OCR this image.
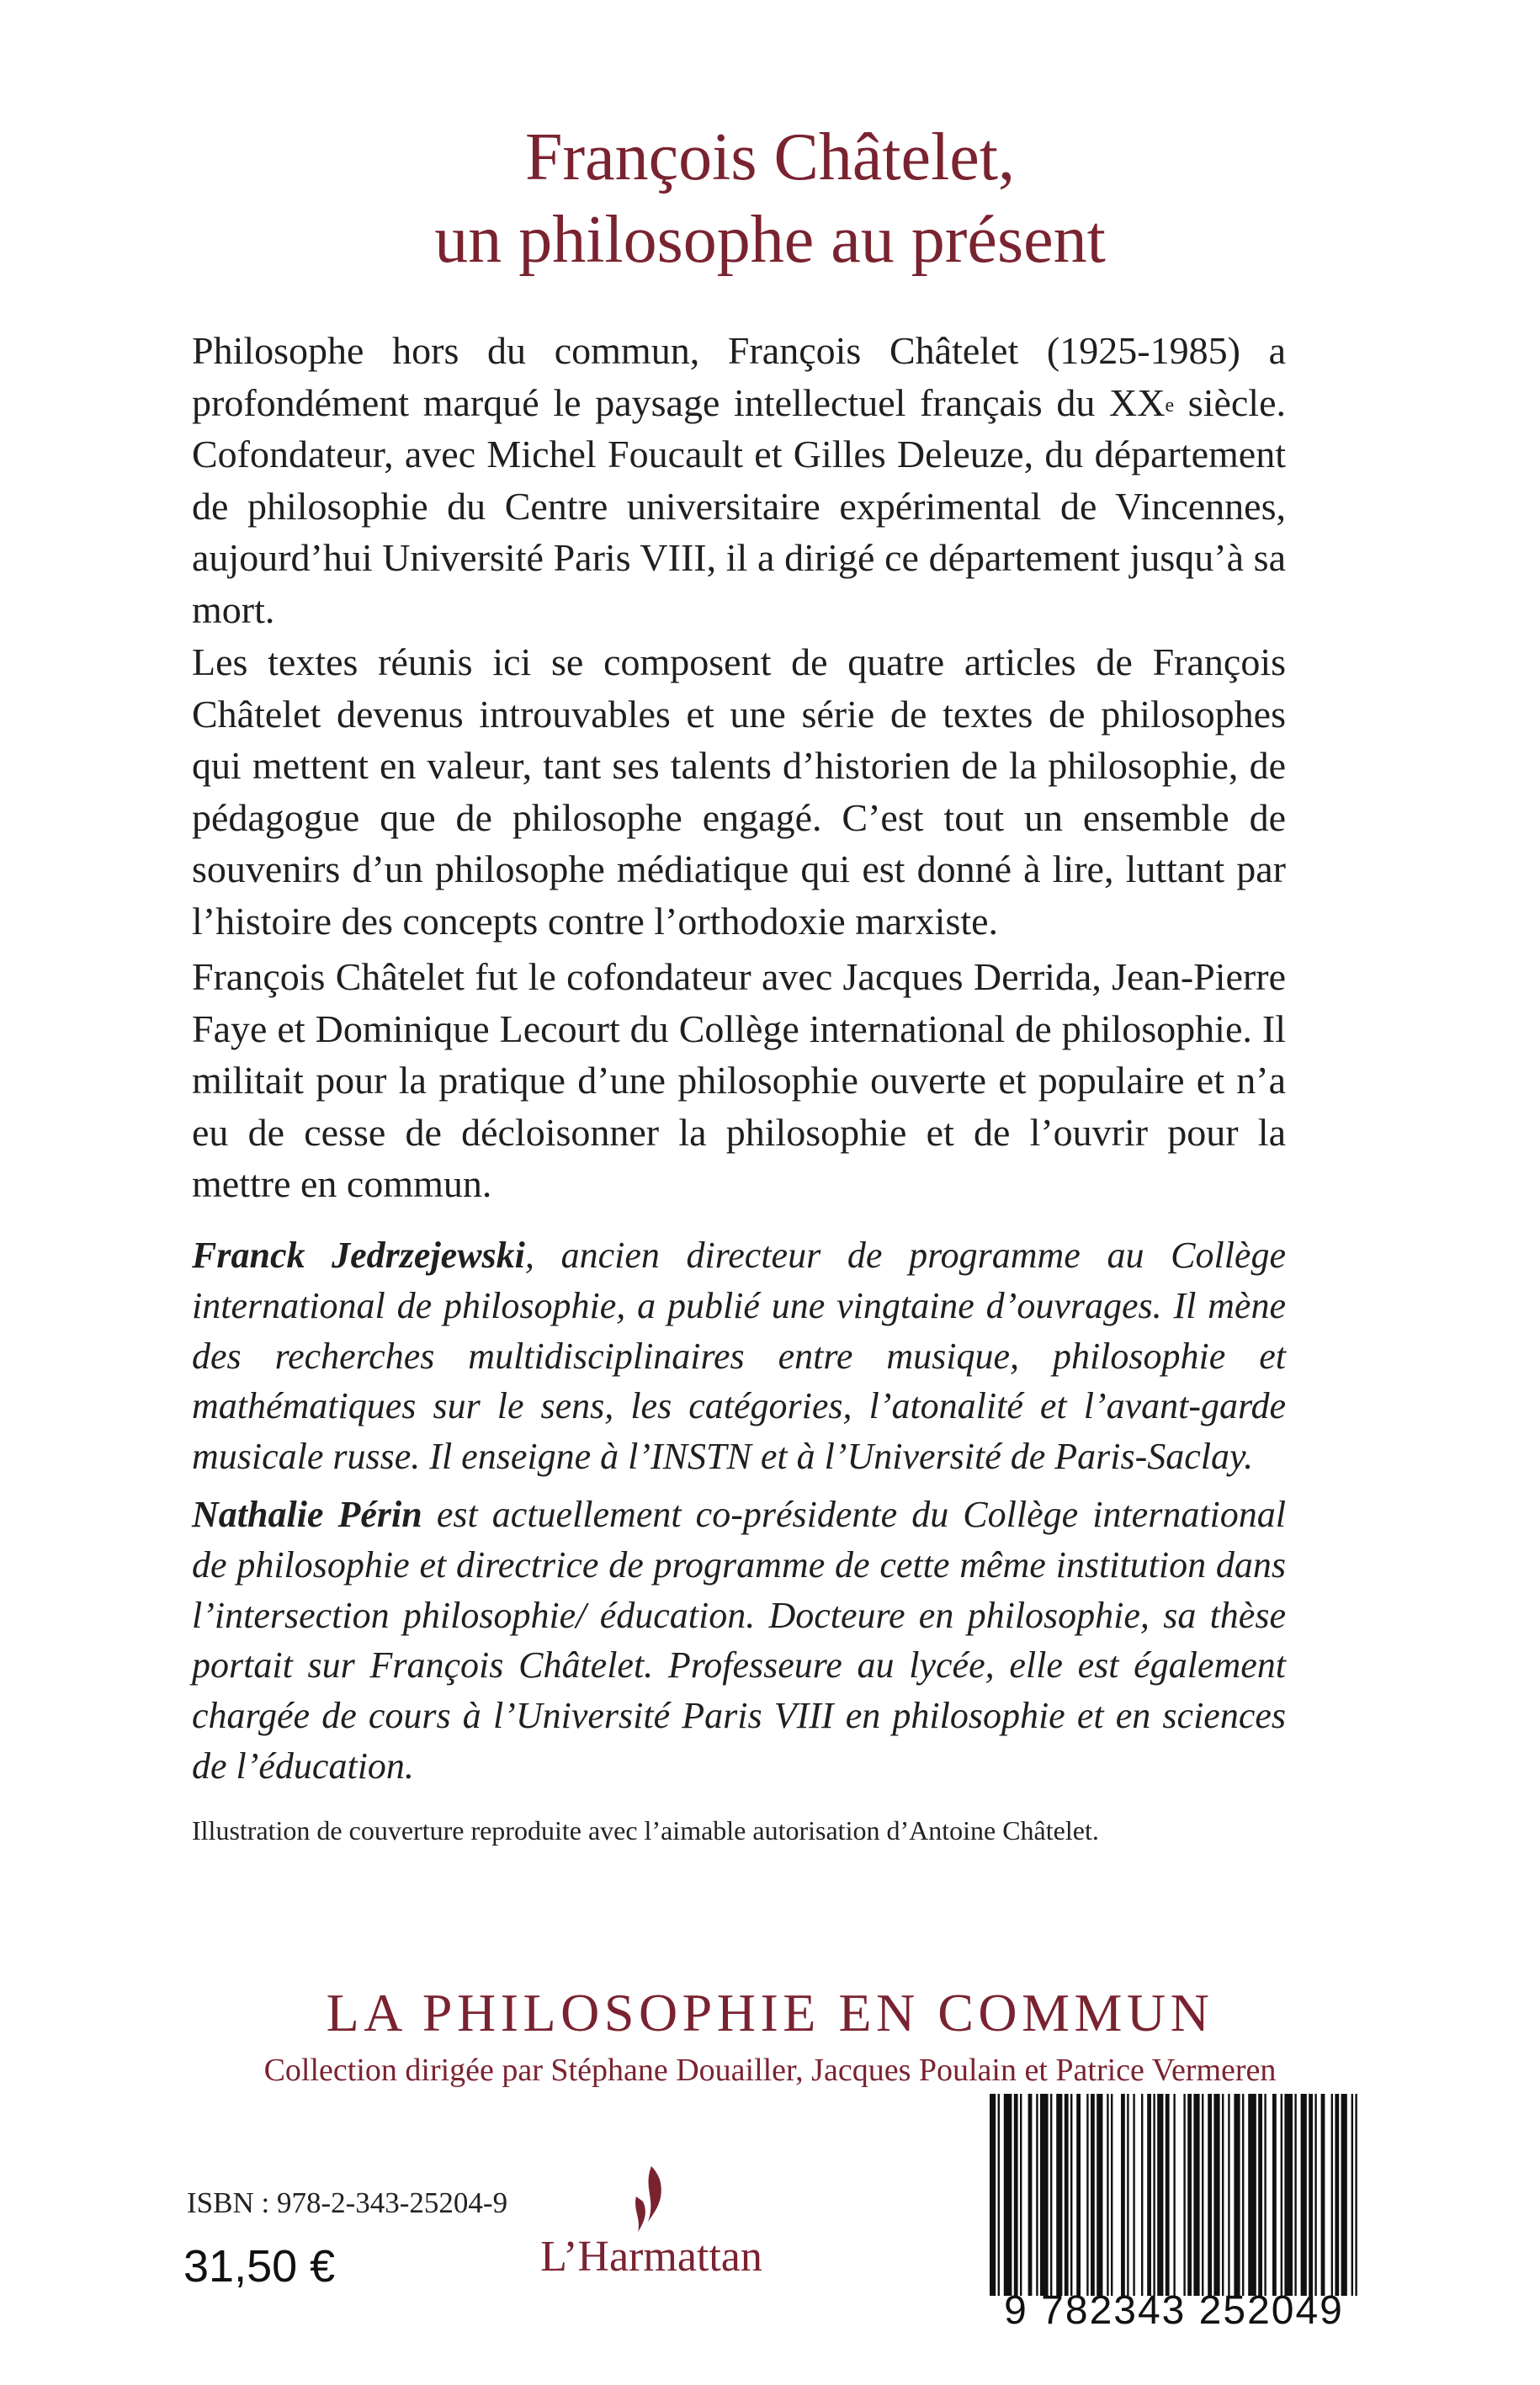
François Châtelet,
un philosophe au présent

Philosophe hors du commun, François Châtelet (1925-1985) a profondément marqué le paysage intellectuel français du XXe siècle. Cofondateur, avec Michel Foucault et Gilles Deleuze, du département de philosophie du Centre universitaire expérimental de Vincennes, aujourd’hui Université Paris VIII, il a dirigé ce département jusqu’à sa mort.

Les textes réunis ici se composent de quatre articles de François Châtelet devenus introuvables et une série de textes de philosophes qui mettent en valeur, tant ses talents d’historien de la philosophie, de pédagogue que de philosophe engagé. C’est tout un ensemble de souvenirs d’un philosophe médiatique qui est donné à lire, luttant par l’histoire des concepts contre l’orthodoxie marxiste.

François Châtelet fut le cofondateur avec Jacques Derrida, Jean-Pierre Faye et Dominique Lecourt du Collège international de philosophie. Il militait pour la pratique d’une philosophie ouverte et populaire et n’a eu de cesse de décloisonner la philosophie et de l’ouvrir pour la mettre en commun.

Franck Jedrzejewski, ancien directeur de programme au Collège international de philosophie, a publié une vingtaine d’ouvrages. Il mène des recherches multidisciplinaires entre musique, philosophie et mathématiques sur le sens, les catégories, l’atonalité et l’avant-garde musicale russe. Il enseigne à l’INSTN et à l’Université de Paris-Saclay.

Nathalie Périn est actuellement co-présidente du Collège international de philosophie et directrice de programme de cette même institution dans l’intersection philosophie/ éducation. Docteure en philosophie, sa thèse portait sur François Châtelet. Professeure au lycée, elle est également chargée de cours à l’Université Paris VIII en philosophie et en sciences de l’éducation.

Illustration de couverture reproduite avec l’aimable autorisation d’Antoine Châtelet.
LA PHILOSOPHIE EN COMMUN
Collection dirigée par Stéphane Douailler, Jacques Poulain et Patrice Vermeren
ISBN : 978-2-343-25204-9
31,50 €	L’Harmattan
9 782343 252049
